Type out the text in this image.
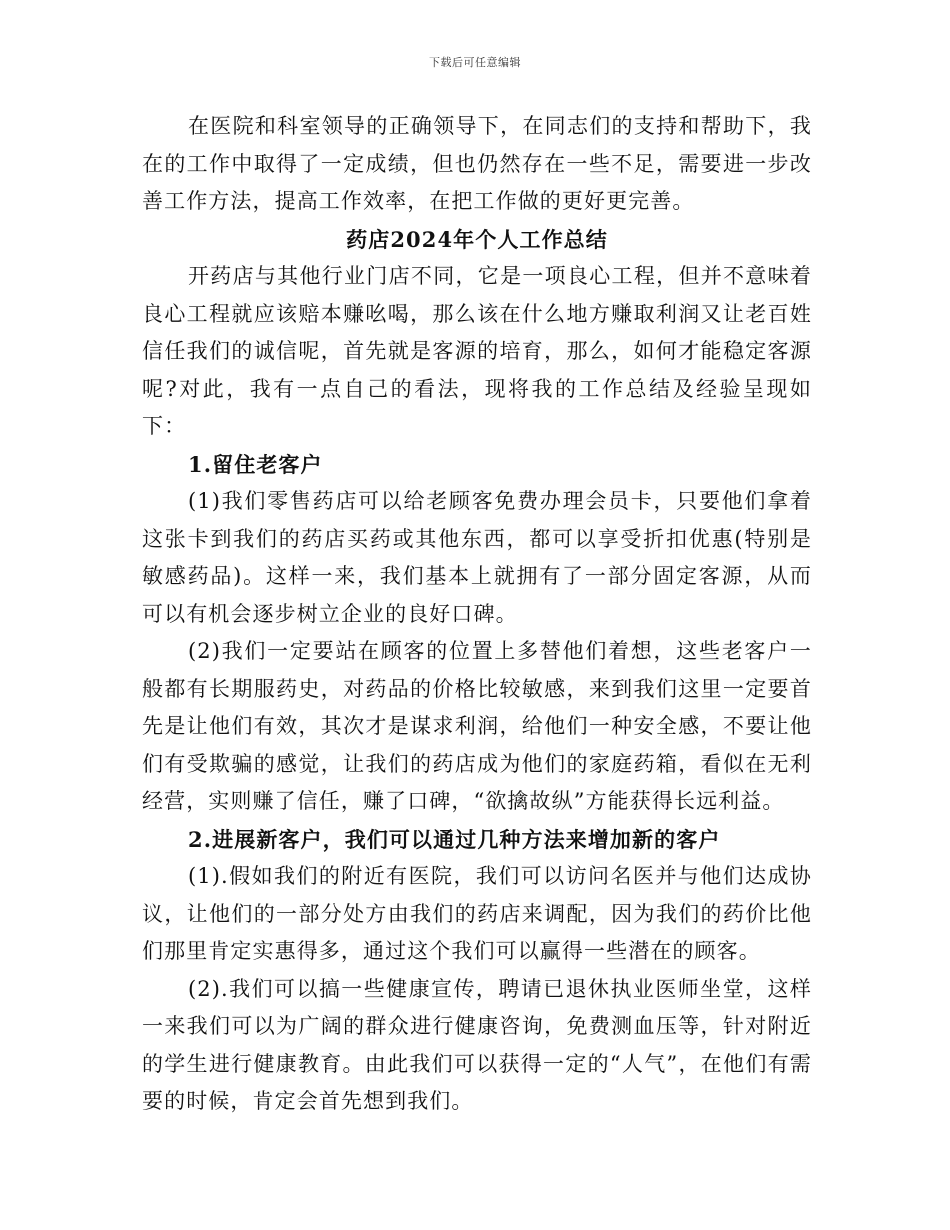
下载后可任意编辑

在医院和科室领导的正确领导下，在同志们的支持和帮助下，我在的工作中取得了一定成绩，但也仍然存在一些不足，需要进一步改善工作方法，提高工作效率，在把工作做的更好更完善。

药店2024年个人工作总结

开药店与其他行业门店不同，它是一项良心工程，但并不意味着良心工程就应该赔本赚吆喝，那么该在什么地方赚取利润又让老百姓信任我们的诚信呢，首先就是客源的培育，那么，如何才能稳定客源呢?对此，我有一点自己的看法，现将我的工作总结及经验呈现如下：

1.留住老客户

(1)我们零售药店可以给老顾客免费办理会员卡，只要他们拿着这张卡到我们的药店买药或其他东西，都可以享受折扣优惠(特别是敏感药品)。这样一来，我们基本上就拥有了一部分固定客源，从而可以有机会逐步树立企业的良好口碑。

(2)我们一定要站在顾客的位置上多替他们着想，这些老客户一般都有长期服药史，对药品的价格比较敏感，来到我们这里一定要首先是让他们有效，其次才是谋求利润，给他们一种安全感，不要让他们有受欺骗的感觉，让我们的药店成为他们的家庭药箱，看似在无利经营，实则赚了信任，赚了口碑，“欲擒故纵”方能获得长远利益。

2.进展新客户，我们可以通过几种方法来增加新的客户

(1).假如我们的附近有医院，我们可以访问名医并与他们达成协议，让他们的一部分处方由我们的药店来调配，因为我们的药价比他们那里肯定实惠得多，通过这个我们可以赢得一些潜在的顾客。

(2).我们可以搞一些健康宣传，聘请已退休执业医师坐堂，这样一来我们可以为广阔的群众进行健康咨询，免费测血压等，针对附近的学生进行健康教育。由此我们可以获得一定的“人气”，在他们有需要的时候，肯定会首先想到我们。
